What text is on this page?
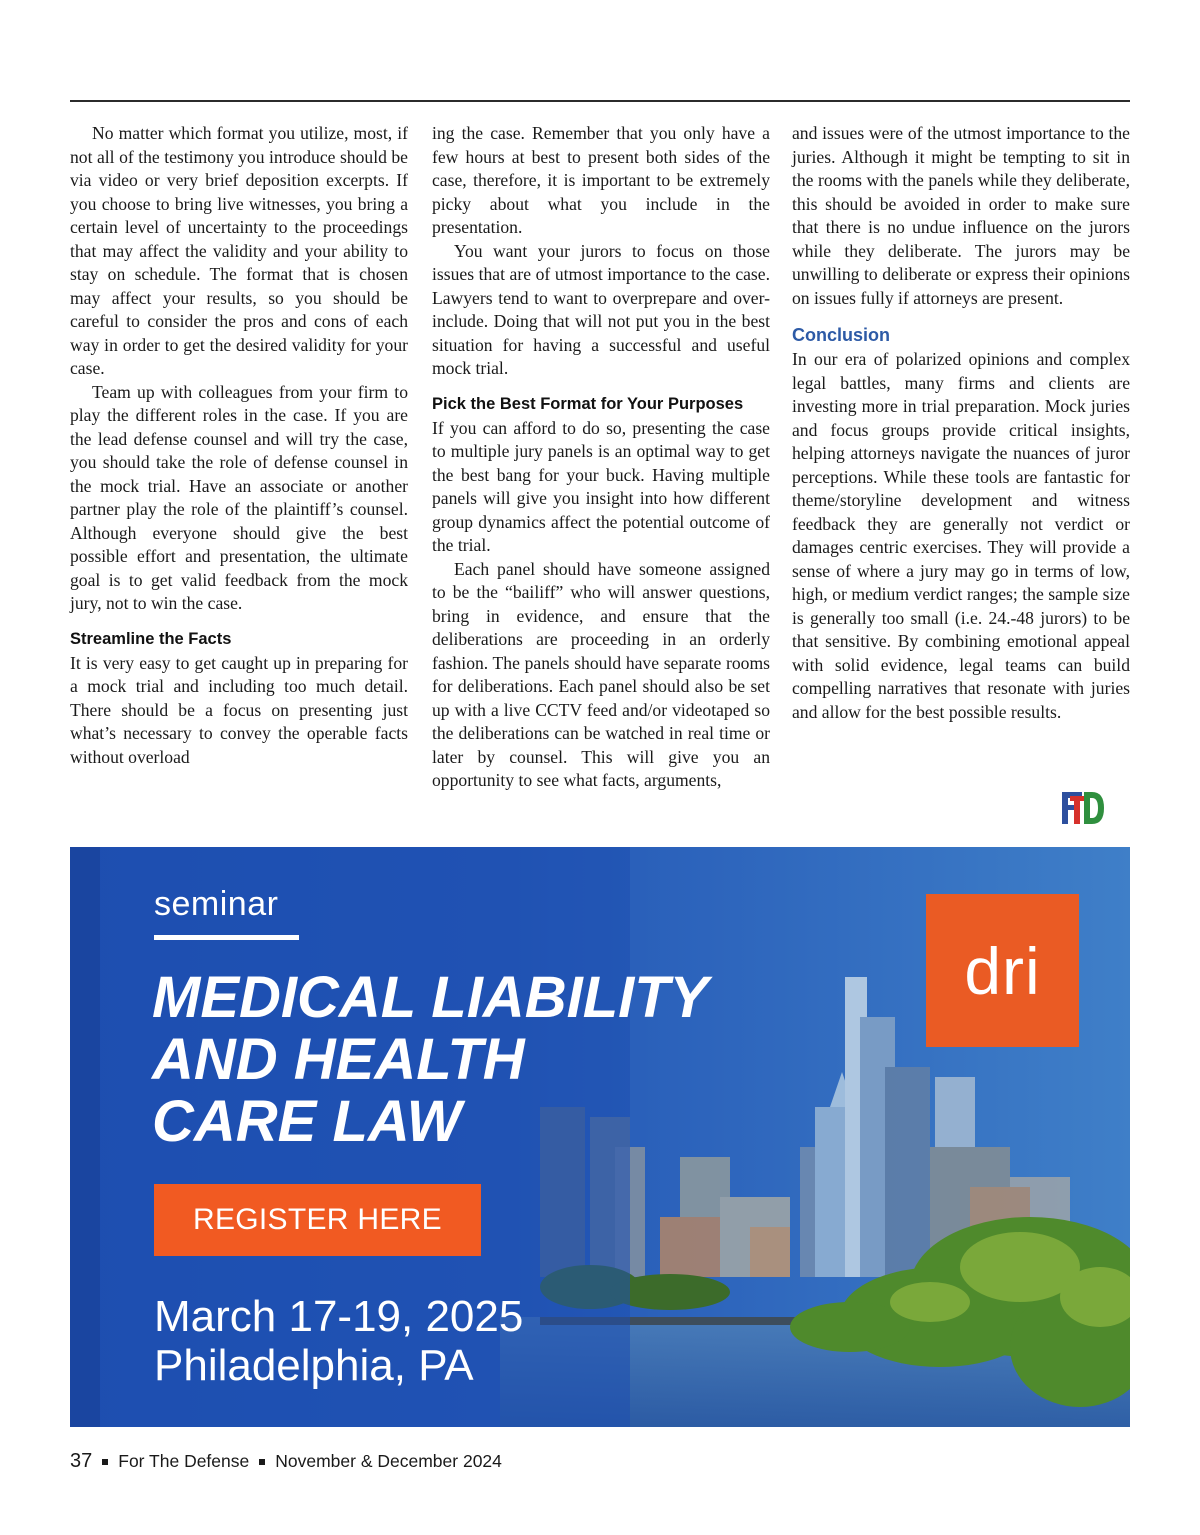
No matter which format you utilize, most, if not all of the testimony you introduce should be via video or very brief deposition excerpts. If you choose to bring live witnesses, you bring a certain level of uncertainty to the proceedings that may affect the validity and your ability to stay on schedule. The format that is chosen may affect your results, so you should be careful to consider the pros and cons of each way in order to get the desired validity for your case.

Team up with colleagues from your firm to play the different roles in the case. If you are the lead defense counsel and will try the case, you should take the role of defense counsel in the mock trial. Have an associate or another partner play the role of the plaintiff’s counsel. Although everyone should give the best possible effort and presentation, the ultimate goal is to get valid feedback from the mock jury, not to win the case.

Streamline the Facts

It is very easy to get caught up in preparing for a mock trial and including too much detail. There should be a focus on presenting just what’s necessary to convey the operable facts without overload

ing the case. Remember that you only have a few hours at best to present both sides of the case, therefore, it is important to be extremely picky about what you include in the presentation.

You want your jurors to focus on those issues that are of utmost importance to the case. Lawyers tend to want to overprepare and over-include. Doing that will not put you in the best situation for having a successful and useful mock trial.

Pick the Best Format for Your Purposes

If you can afford to do so, presenting the case to multiple jury panels is an optimal way to get the best bang for your buck. Having multiple panels will give you insight into how different group dynamics affect the potential outcome of the trial.

Each panel should have someone assigned to be the “bailiff” who will answer questions, bring in evidence, and ensure that the deliberations are proceeding in an orderly fashion. The panels should have separate rooms for deliberations. Each panel should also be set up with a live CCTV feed and/or videotaped so the deliberations can be watched in real time or later by counsel. This will give you an opportunity to see what facts, arguments,

and issues were of the utmost importance to the juries. Although it might be tempting to sit in the rooms with the panels while they deliberate, this should be avoided in order to make sure that there is no undue influence on the jurors while they deliberate. The jurors may be unwilling to deliberate or express their opinions on issues fully if attorneys are present.

Conclusion

In our era of polarized opinions and complex legal battles, many firms and clients are investing more in trial preparation. Mock juries and focus groups provide critical insights, helping attorneys navigate the nuances of juror perceptions. While these tools are fantastic for theme/storyline development and witness feedback they are generally not verdict or damages centric exercises. They will provide a sense of where a jury may go in terms of low, high, or medium verdict ranges; the sample size is generally too small (i.e. 24.-48 jurors) to be that sensitive. By combining emotional appeal with solid evidence, legal teams can build compelling narratives that resonate with juries and allow for the best possible results.

seminar
MEDICAL LIABILITY
AND HEALTH
CARE LAW
REGISTER HERE
March 17-19, 2025
Philadelphia, PA
dri
37 For The Defense November & December 2024
